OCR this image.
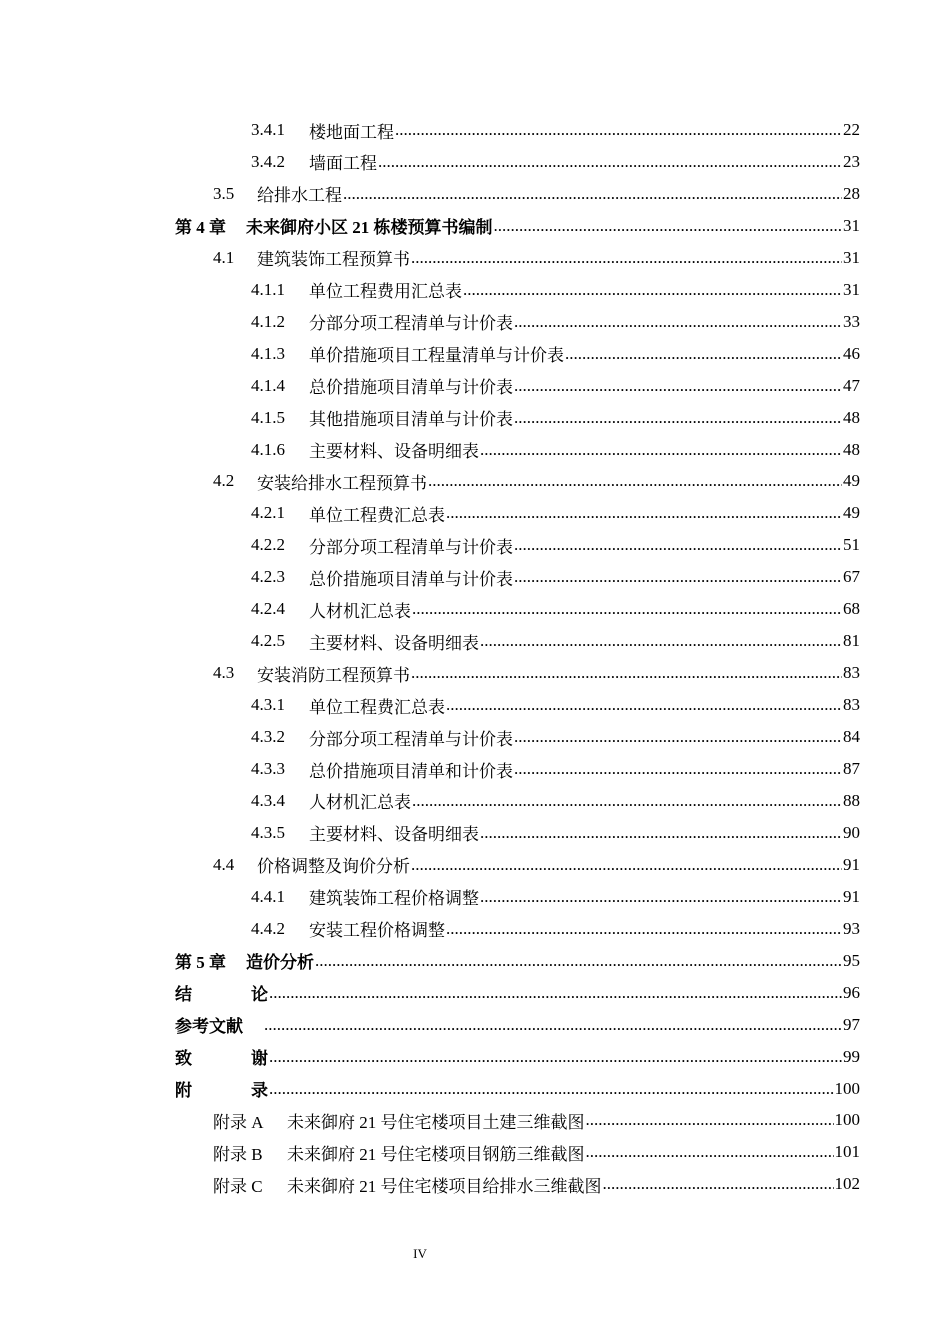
3.4.1	楼地面工程 .....	22
3.4.2	墙面工程 .....	23
3.5	给排水工程 .....	28
第 4 章 未来御府小区 21 栋楼预算书编制 .....	31
4.1	建筑装饰工程预算书 .....	31
4.1.1	单位工程费用汇总表 .....	31
4.1.2	分部分项工程清单与计价表 .....	33
4.1.3	单价措施项目工程量清单与计价表 .....	46
4.1.4	总价措施项目清单与计价表 .....	47
4.1.5	其他措施项目清单与计价表 .....	48
4.1.6	主要材料、设备明细表 .....	48
4.2	安装给排水工程预算书 .....	49
4.2.1	单位工程费汇总表 .....	49
4.2.2	分部分项工程清单与计价表 .....	51
4.2.3	总价措施项目清单与计价表 .....	67
4.2.4	人材机汇总表 .....	68
4.2.5	主要材料、设备明细表 .....	81
4.3	安装消防工程预算书 .....	83
4.3.1	单位工程费汇总表 .....	83
4.3.2	分部分项工程清单与计价表 .....	84
4.3.3	总价措施项目清单和计价表 .....	87
4.3.4	人材机汇总表 .....	88
4.3.5	主要材料、设备明细表 .....	90
4.4	价格调整及询价分析 .....	91
4.4.1	建筑装饰工程价格调整 .....	91
4.4.2	安装工程价格调整 .....	93
第 5 章 造价分析 .....	95
结	论 .....	96
参考文献 .....	97
致	谢 .....	99
附	录 .....	100
附录 A	未来御府 21 号住宅楼项目土建三维截图 .....	100
附录 B	未来御府 21 号住宅楼项目钢筋三维截图 .....	101
附录 C	未来御府 21 号住宅楼项目给排水三维截图 .....	102
IV
